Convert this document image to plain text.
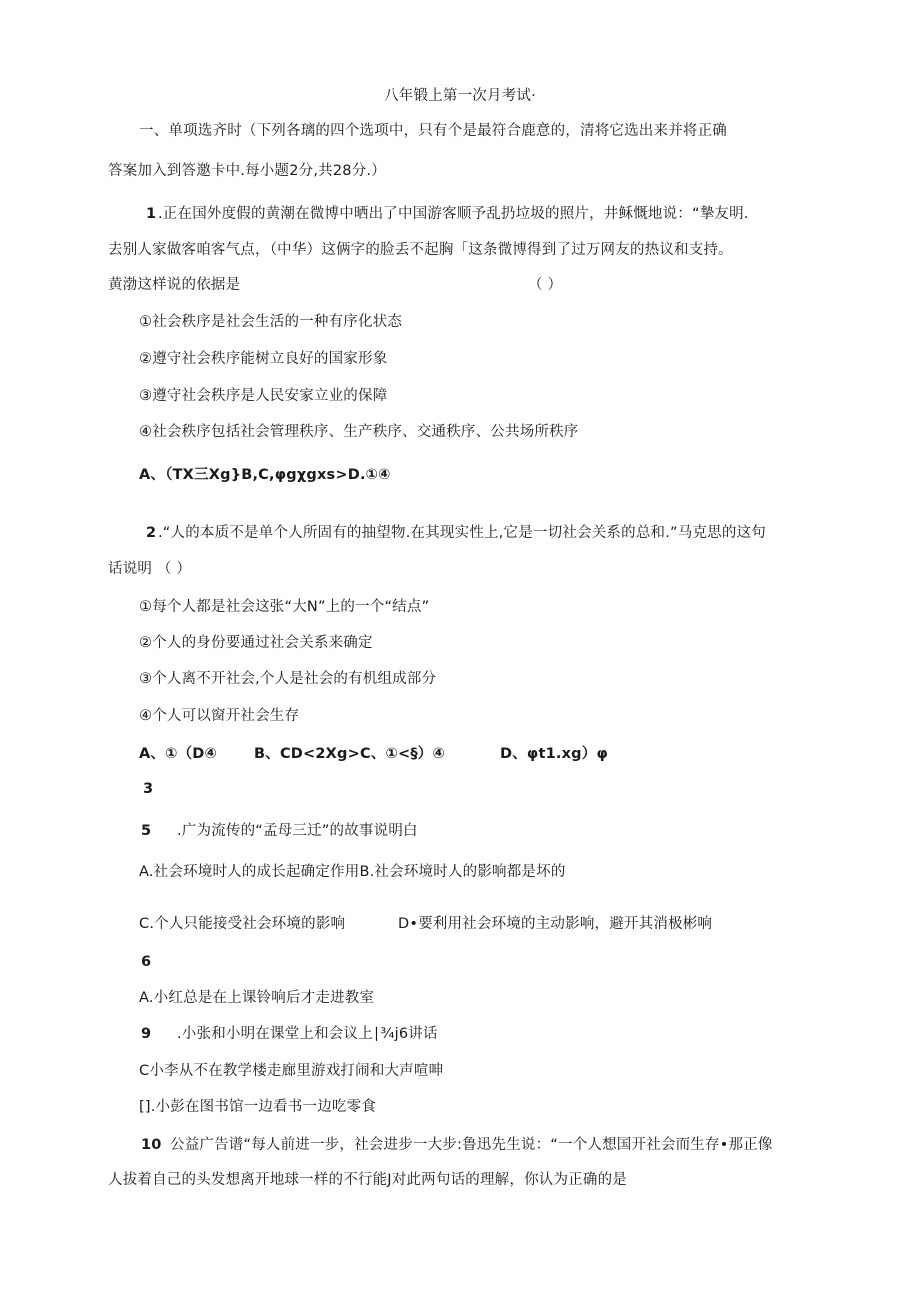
八年锻上第一次月考试·
一、单项选齐时（下列各璃的四个选项中，只有个是最符合鹿意的，清将它选出来并将正确
答案加入到答邀卡中.每小题2分,共28分.）
1 .正在国外度假的黄潮在微博中晒出了中国游客顺予乱扔垃圾的照片，井稣慨地说：“摯友明.
去别人家做客咱客气点，（中华）这俩字的脸丢不起胸「这条微博得到了过万网友的热议和支持。
黄渤这样说的依据是	（ ）
①社会秩序是社会生活的一种有序化状态
②遵守社会秩序能树立良好的国家形象
③遵守社会秩序是人民安家立业的保障
④社会秩序包括社会管理秩序、生产秩序、交通秩序、公共场所秩序
A、（TX三Xg}B,C,φgχgxs>D.①④
2 .“人的本质不是单个人所固有的抽望物.在其现实性上,它是一切社会关系的总和.”马克思的这句
话说明 （ ）
①每个人都是社会这张“大N”上的一个“结点”
②个人的身份要通过社会关系来确定
③个人离不开社会,个人是社会的有机组成部分
④个人可以窗开社会生存
A、①（D④	B、CD<2Xg>C、①<§）④	D、φt1.xg）φ
3
5 .广为流传的“孟母三迁”的故事说明白
A.社会环境时人的成长起确定作用B.社会环境时人的影响都是坏的
C.个人只能接受社会环境的影响	D•要利用社会环境的主动影响，避开其消极彬响
6
A.小红总是在上课铃响后才走进教室
9 .小张和小明在课堂上和会议上∣¾j6讲话
C小李从不在教学楼走廊里游戏打闹和大声喧呻
[].小彭在图书馆一边看书一边吃零食
10 公益广告谱“每人前进一步，社会进步一大步:鲁迅先生说：“一个人想国开社会而生存•那正像
人拔着自己的头发想离开地球一样的不行能J对此两句话的理解，你认为正确的是
